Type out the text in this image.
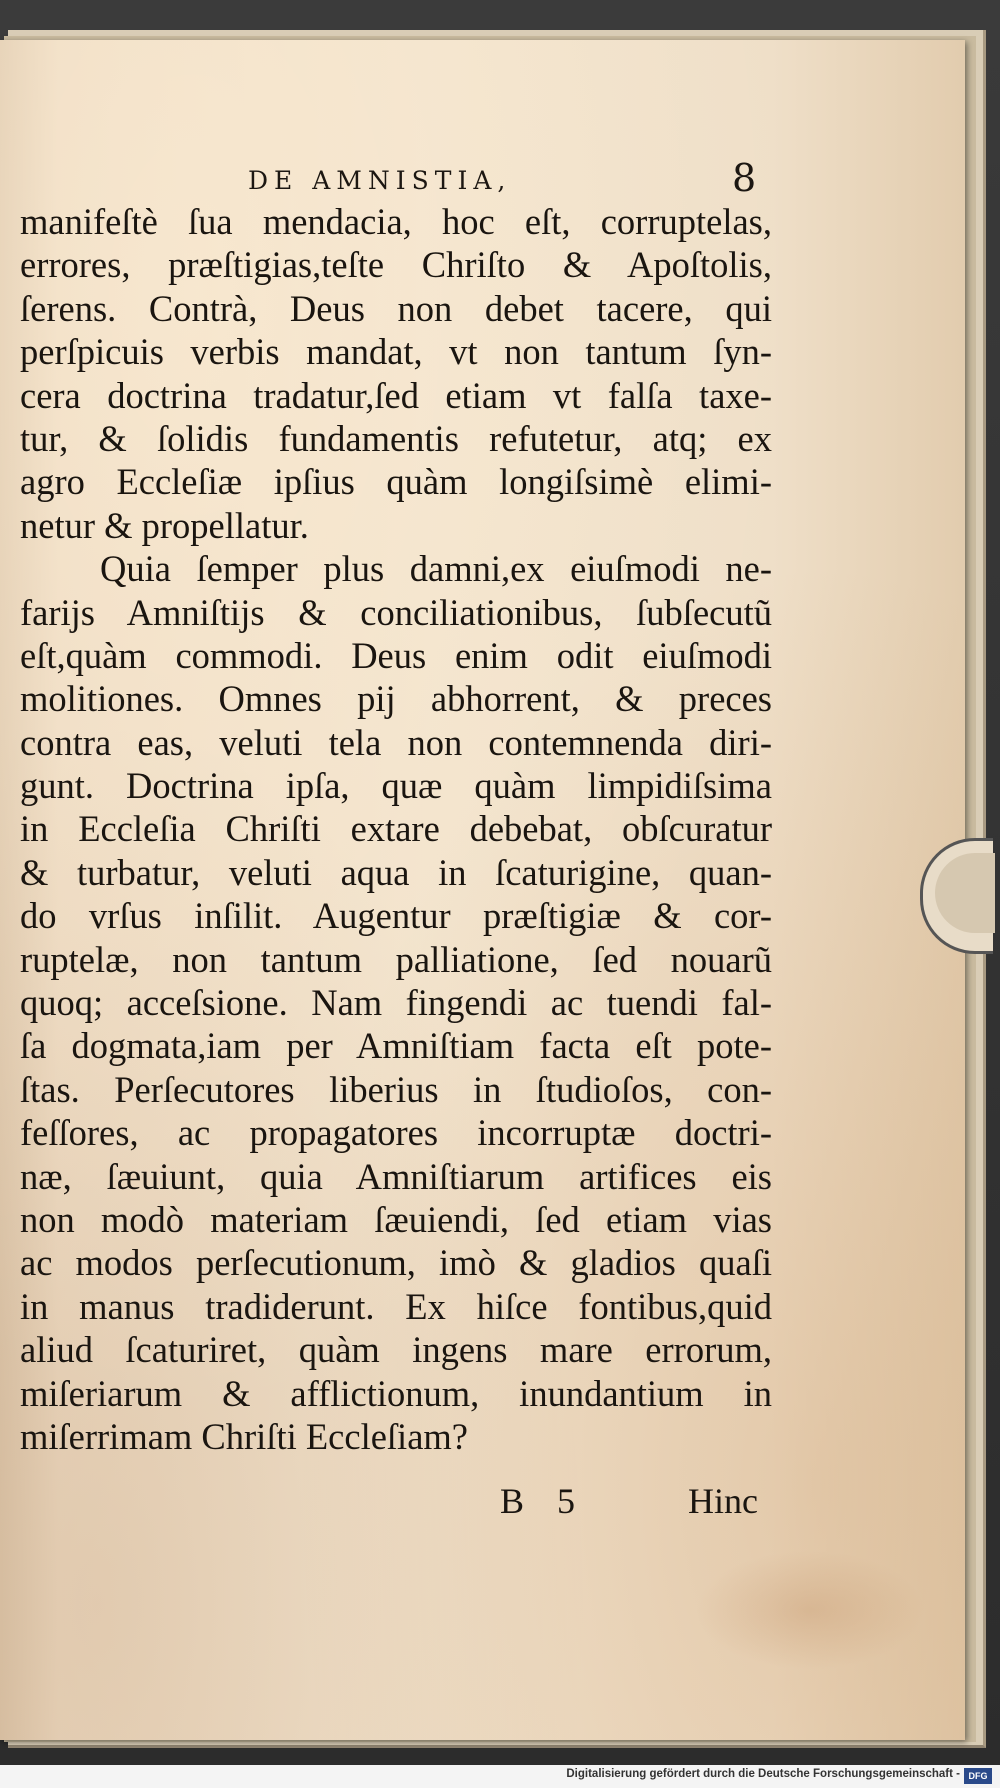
DE AMNISTIA,	8
manifeſtè ſua mendacia, hoc eſt, corruptelas,
errores, præſtigias,teſte Chriſto & Apoſtolis,
ſerens. Contrà, Deus non debet tacere, qui
perſpicuis verbis mandat, vt non tantum ſyn-
cera doctrina tradatur,ſed etiam vt falſa taxe-
tur, & ſolidis fundamentis refutetur, atq; ex
agro Eccleſiæ ipſius quàm longiſsimè elimi-
netur & propellatur.
Quia ſemper plus damni,ex eiuſmodi ne-
farijs Amniſtijs & conciliationibus, ſubſecutũ
eſt,quàm commodi. Deus enim odit eiuſmodi
molitiones. Omnes pij abhorrent, & preces
contra eas, veluti tela non contemnenda diri-
gunt. Doctrina ipſa, quæ quàm limpidiſsima
in Eccleſia Chriſti extare debebat, obſcuratur
& turbatur, veluti aqua in ſcaturigine, quan-
do vrſus inſilit. Augentur præſtigiæ & cor-
ruptelæ, non tantum palliatione, ſed nouarũ
quoq; acceſsione. Nam fingendi ac tuendi fal-
ſa dogmata,iam per Amniſtiam facta eſt pote-
ſtas. Perſecutores liberius in ſtudioſos, con-
feſſores, ac propagatores incorruptæ doctri-
næ, ſæuiunt, quia Amniſtiarum artifices eis
non modò materiam ſæuiendi, ſed etiam vias
ac modos perſecutionum, imò & gladios quaſi
in manus tradiderunt. Ex hiſce fontibus,quid
aliud ſcaturiret, quàm ingens mare errorum,
miſeriarum & afflictionum, inundantium in
miſerrimam Chriſti Eccleſiam?
B 5	Hinc
Digitalisierung gefördert durch die Deutsche Forschungsgemeinschaft - DFG
